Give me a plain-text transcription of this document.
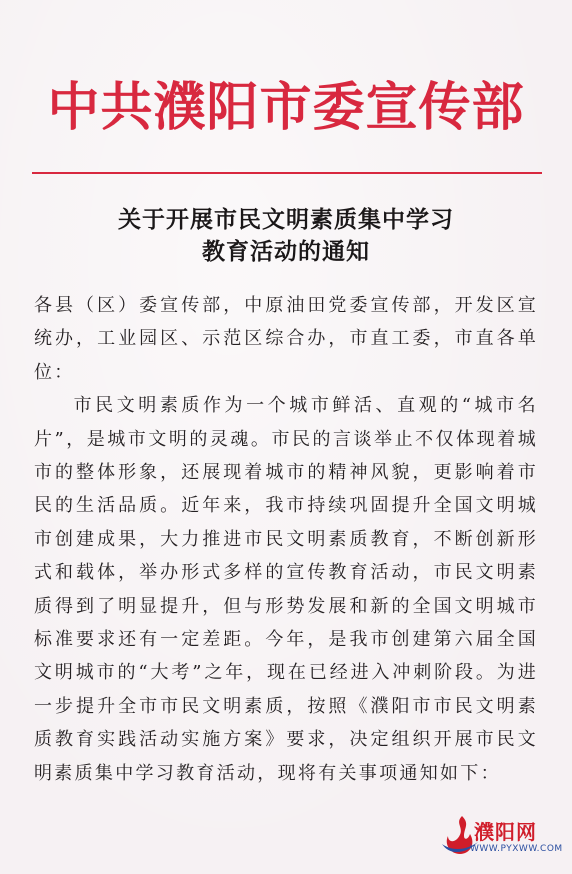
中共濮阳市委宣传部
关于开展市民文明素质集中学习
教育活动的通知

各县（区）委宣传部，中原油田党委宣传部，开发区宣统办，工业园区、示范区综合办，市直工委，市直各单位：

市民文明素质作为一个城市鲜活、直观的“城市名片”，是城市文明的灵魂。市民的言谈举止不仅体现着城市的整体形象，还展现着城市的精神风貌，更影响着市民的生活品质。近年来，我市持续巩固提升全国文明城市创建成果，大力推进市民文明素质教育，不断创新形式和载体，举办形式多样的宣传教育活动，市民文明素质得到了明显提升，但与形势发展和新的全国文明城市标准要求还有一定差距。今年，是我市创建第六届全国文明城市的“大考”之年，现在已经进入冲刺阶段。为进一步提升全市市民文明素质，按照《濮阳市市民文明素质教育实践活动实施方案》要求，决定组织开展市民文明素质集中学习教育活动，现将有关事项通知如下：

濮阳网
WWW.PYXWW.COM
